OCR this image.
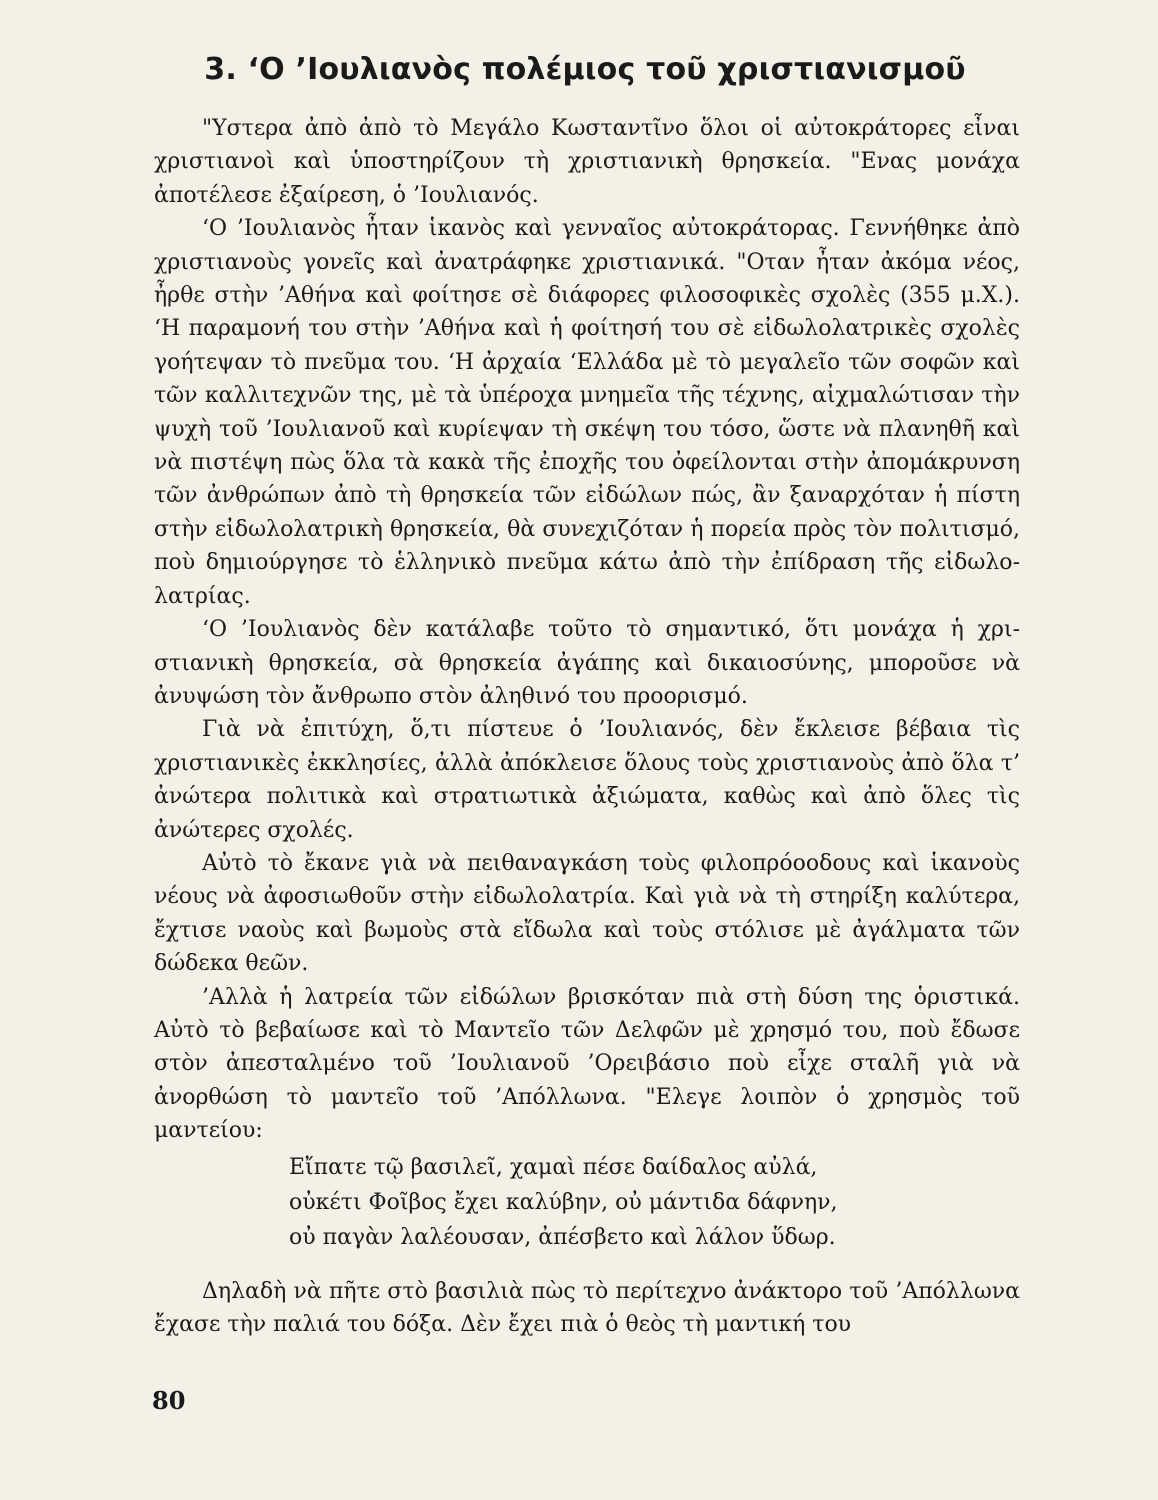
3. ‘Ο ’Ιουλιανὸς πολέμιος τοῦ χριστιανισμοῦ

"Υστερα ἀπὸ ἀπὸ τὸ Μεγάλο Κωσταντῖνο ὅλοι οἱ αὐτοκράτορες εἶναι χριστιανοὶ καὶ ὑποστηρίζουν τὴ χριστιανικὴ θρησκεία. "Ενας μονάχα ἀποτέλεσε ἐξαίρεση, ὁ ’Ιουλιανός.

‘Ο ’Ιουλιανὸς ἦταν ἱκανὸς καὶ γενναῖος αὐτοκράτορας. Γεννήθηκε ἀπὸ χριστιανοὺς γονεῖς καὶ ἀνατράφηκε χριστιανικά. "Οταν ἦταν ἀκόμα νέος, ἦρθε στὴν ’Αθήνα καὶ φοίτησε σὲ διάφορες φιλοσοφικὲς σχολὲς (355 μ.Χ.). ‘Η παραμονή του στὴν ’Αθήνα καὶ ἡ φοίτησή του σὲ εἰδωλολατρικὲς σχολὲς γοήτεψαν τὸ πνεῦμα του. ‘Η ἀρχαία ‘Ελλάδα μὲ τὸ μεγαλεῖο τῶν σοφῶν καὶ τῶν καλλιτεχνῶν της, μὲ τὰ ὑπέροχα μνημεῖα τῆς τέχνης, αἰχμαλώτισαν τὴν ψυχὴ τοῦ ’Ιουλιανοῦ καὶ κυρίεψαν τὴ σκέψη του τόσο, ὥστε νὰ πλανηθῆ καὶ νὰ πιστέψη πὼς ὅλα τὰ κακὰ τῆς ἐποχῆς του ὀφείλονται στὴν ἀπομάκρυνση τῶν ἀνθρώπων ἀπὸ τὴ θρησκεία τῶν εἰδώλων πώς, ἂν ξαναρχόταν ἡ πίστη στὴν εἰδωλολατρικὴ θρησκεία, θὰ συνεχιζόταν ἡ πορεία πρὸς τὸν πολιτισμό, ποὺ δημιούργησε τὸ ἑλληνικὸ πνεῦμα κάτω ἀπὸ τὴν ἐπίδραση τῆς εἰδωλολατρίας.

‘Ο ’Ιουλιανὸς δὲν κατάλαβε τοῦτο τὸ σημαντικό, ὅτι μονάχα ἡ χριστιανικὴ θρησκεία, σὰ θρησκεία ἀγάπης καὶ δικαιοσύνης, μποροῦσε νὰ ἀνυψώση τὸν ἄνθρωπο στὸν ἀληθινό του προορισμό.

Γιὰ νὰ ἐπιτύχη, ὅ,τι πίστευε ὁ ’Ιουλιανός, δὲν ἔκλεισε βέβαια τὶς χριστιανικὲς ἐκκλησίες, ἀλλὰ ἀπόκλεισε ὅλους τοὺς χριστιανοὺς ἀπὸ ὅλα τ’ ἀνώτερα πολιτικὰ καὶ στρατιωτικὰ ἀξιώματα, καθὼς καὶ ἀπὸ ὅλες τὶς ἀνώτερες σχολές.

Αὐτὸ τὸ ἔκανε γιὰ νὰ πειθαναγκάση τοὺς φιλοπρόοοδους καὶ ἱκανοὺς νέους νὰ ἀφοσιωθοῦν στὴν εἰδωλολατρία. Καὶ γιὰ νὰ τὴ στηρίξη καλύτερα, ἔχτισε ναοὺς καὶ βωμοὺς στὰ εἴδωλα καὶ τοὺς στόλισε μὲ ἀγάλματα τῶν δώδεκα θεῶν.

’Αλλὰ ἡ λατρεία τῶν εἰδώλων βρισκόταν πιὰ στὴ δύση της ὁριστικά. Αὐτὸ τὸ βεβαίωσε καὶ τὸ Μαντεῖο τῶν Δελφῶν μὲ χρησμό του, ποὺ ἔδωσε στὸν ἀπεσταλμένο τοῦ ’Ιουλιανοῦ ’Ορειβάσιο ποὺ εἶχε σταλῆ γιὰ νὰ ἀνορθώση τὸ μαντεῖο τοῦ ’Απόλλωνα. "Ελεγε λοιπὸν ὁ χρησμὸς τοῦ μαντείου:

Εἴπατε τῷ βασιλεῖ, χαμαὶ πέσε δαίδαλος αὐλά,
οὐκέτι Φοῖβος ἔχει καλύβην, οὐ μάντιδα δάφνην,
οὐ παγὰν λαλέουσαν, ἀπέσβετο καὶ λάλον ὕδωρ.

Δηλαδὴ νὰ πῆτε στὸ βασιλιὰ πὼς τὸ περίτεχνο ἀνάκτορο τοῦ ’Απόλλωνα ἔχασε τὴν παλιά του δόξα. Δὲν ἔχει πιὰ ὁ θεὸς τὴ μαντική του

80
